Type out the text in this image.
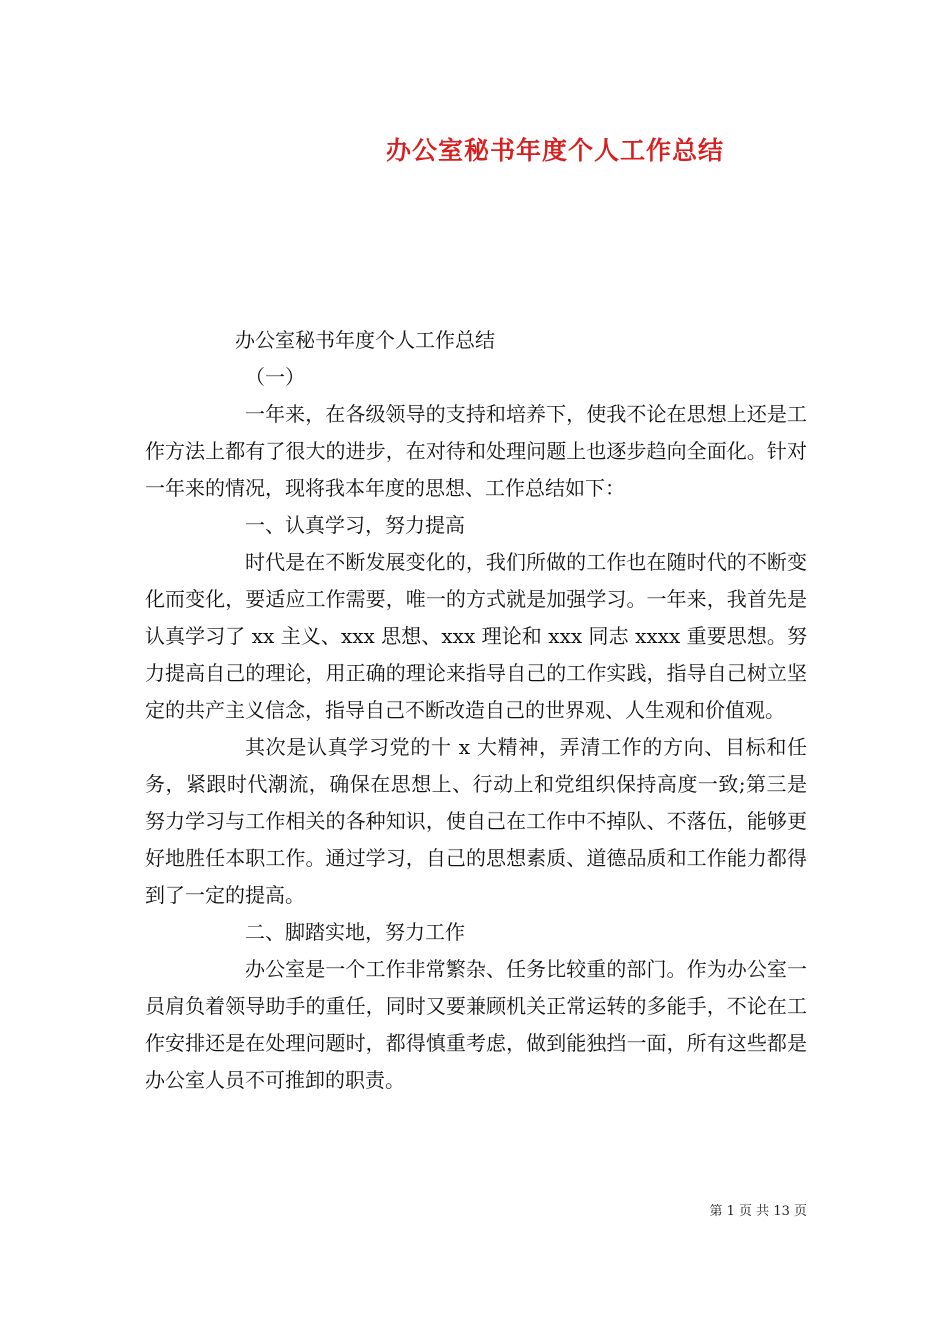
办公室秘书年度个人工作总结

办公室秘书年度个人工作总结

（一）

一年来，在各级领导的支持和培养下，使我不论在思想上还是工作方法上都有了很大的进步，在对待和处理问题上也逐步趋向全面化。针对一年来的情况，现将我本年度的思想、工作总结如下：

一、认真学习，努力提高

时代是在不断发展变化的，我们所做的工作也在随时代的不断变化而变化，要适应工作需要，唯一的方式就是加强学习。一年来，我首先是认真学习了 xx 主义、xxx 思想、xxx 理论和 xxx 同志 xxxx 重要思想。努力提高自己的理论，用正确的理论来指导自己的工作实践，指导自己树立坚定的共产主义信念，指导自己不断改造自己的世界观、人生观和价值观。

其次是认真学习党的十 x 大精神，弄清工作的方向、目标和任务，紧跟时代潮流，确保在思想上、行动上和党组织保持高度一致;第三是努力学习与工作相关的各种知识，使自己在工作中不掉队、不落伍，能够更好地胜任本职工作。通过学习，自己的思想素质、道德品质和工作能力都得到了一定的提高。

二、脚踏实地，努力工作

办公室是一个工作非常繁杂、任务比较重的部门。作为办公室一员肩负着领导助手的重任，同时又要兼顾机关正常运转的多能手，不论在工作安排还是在处理问题时，都得慎重考虑，做到能独挡一面，所有这些都是办公室人员不可推卸的职责。

第 1 页 共 13 页
